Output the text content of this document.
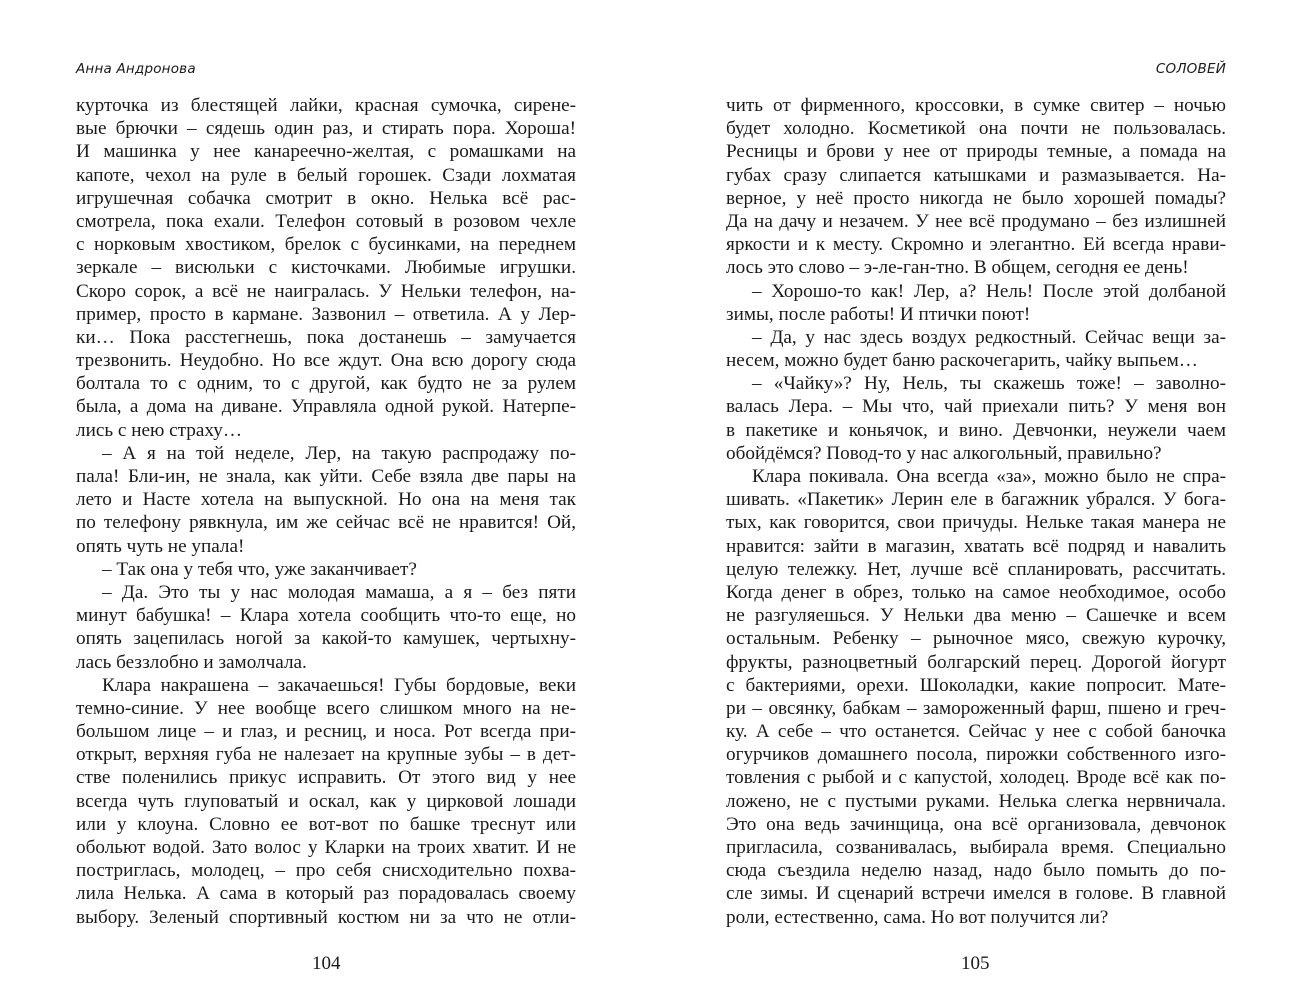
Анна Андронова
курточка из блестящей лайки, красная сумочка, сирене-
вые брючки – сядешь один раз, и стирать пора. Хороша!
И машинка у нее канареечно-желтая, с ромашками на
капоте, чехол на руле в белый горошек. Сзади лохматая
игрушечная собачка смотрит в окно. Нелька всё рас-
смотрела, пока ехали. Телефон сотовый в розовом чехле
с норковым хвостиком, брелок с бусинками, на переднем
зеркале – висюльки с кисточками. Любимые игрушки.
Скоро сорок, а всё не наигралась. У Нельки телефон, на-
пример, просто в кармане. Зазвонил – ответила. А у Лер-
ки… Пока расстегнешь, пока достанешь – замучается
трезвонить. Неудобно. Но все ждут. Она всю дорогу сюда
болтала то с одним, то с другой, как будто не за рулем
была, а дома на диване. Управляла одной рукой. Натерпе-
лись с нею страху…
– А я на той неделе, Лер, на такую распродажу по-
пала! Бли-ин, не знала, как уйти. Себе взяла две пары на
лето и Насте хотела на выпускной. Но она на меня так
по телефону рявкнула, им же сейчас всё не нравится! Ой,
опять чуть не упала!
– Так она у тебя что, уже заканчивает?
– Да. Это ты у нас молодая мамаша, а я – без пяти
минут бабушка! – Клара хотела сообщить что-то еще, но
опять зацепилась ногой за какой-то камушек, чертыхну-
лась беззлобно и замолчала.
Клара накрашена – закачаешься! Губы бордовые, веки
темно-синие. У нее вообще всего слишком много на не-
большом лице – и глаз, и ресниц, и носа. Рот всегда при-
открыт, верхняя губа не налезает на крупные зубы – в дет-
стве поленились прикус исправить. От этого вид у нее
всегда чуть глуповатый и оскал, как у цирковой лошади
или у клоуна. Словно ее вот-вот по башке треснут или
обольют водой. Зато волос у Кларки на троих хватит. И не
постриглась, молодец, – про себя снисходительно похва-
лила Нелька. А сама в который раз порадовалась своему
выбору. Зеленый спортивный костюм ни за что не отли-
104
СОЛОВЕЙ
чить от фирменного, кроссовки, в сумке свитер – ночью
будет холодно. Косметикой она почти не пользовалась.
Ресницы и брови у нее от природы темные, а помада на
губах сразу слипается катышками и размазывается. На-
верное, у неё просто никогда не было хорошей помады?
Да на дачу и незачем. У нее всё продумано – без излишней
яркости и к месту. Скромно и элегантно. Ей всегда нрави-
лось это слово – э-ле-ган-тно. В общем, сегодня ее день!
– Хорошо-то как! Лер, а? Нель! После этой долбаной
зимы, после работы! И птички поют!
– Да, у нас здесь воздух редкостный. Сейчас вещи за-
несем, можно будет баню раскочегарить, чайку выпьем…
– «Чайку»? Ну, Нель, ты скажешь тоже! – заволно-
валась Лера. – Мы что, чай приехали пить? У меня вон
в пакетике и коньячок, и вино. Девчонки, неужели чаем
обойдёмся? Повод-то у нас алкогольный, правильно?
Клара покивала. Она всегда «за», можно было не спра-
шивать. «Пакетик» Лерин еле в багажник убрался. У бога-
тых, как говорится, свои причуды. Нельке такая манера не
нравится: зайти в магазин, хватать всё подряд и навалить
целую тележку. Нет, лучше всё спланировать, рассчитать.
Когда денег в обрез, только на самое необходимое, особо
не разгуляешься. У Нельки два меню – Сашечке и всем
остальным. Ребенку – рыночное мясо, свежую курочку,
фрукты, разноцветный болгарский перец. Дорогой йогурт
с бактериями, орехи. Шоколадки, какие попросит. Мате-
ри – овсянку, бабкам – замороженный фарш, пшено и греч-
ку. А себе – что останется. Сейчас у нее с собой баночка
огурчиков домашнего посола, пирожки собственного изго-
товления с рыбой и с капустой, холодец. Вроде всё как по-
ложено, не с пустыми руками. Нелька слегка нервничала.
Это она ведь зачинщица, она всё организовала, девчонок
пригласила, созванивалась, выбирала время. Специально
сюда съездила неделю назад, надо было помыть до по-
сле зимы. И сценарий встречи имелся в голове. В главной
роли, естественно, сама. Но вот получится ли?
105
